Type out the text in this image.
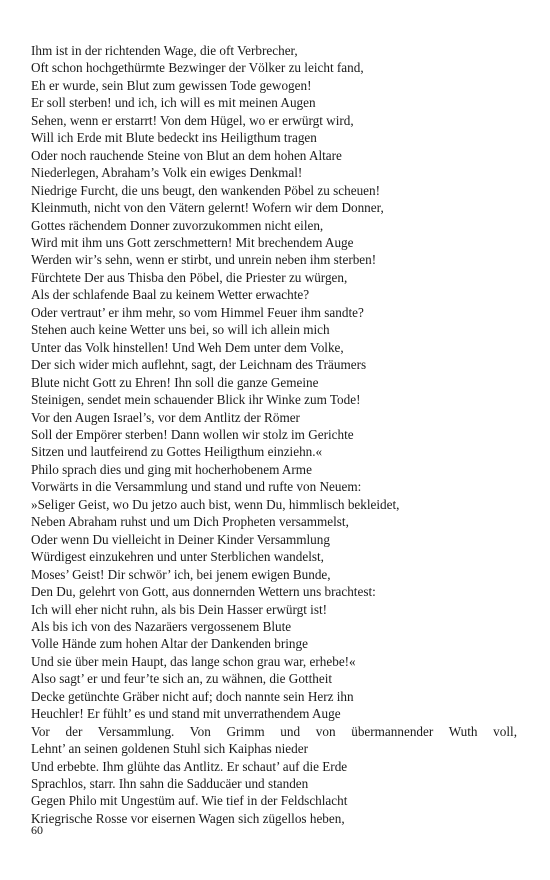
Ihm ist in der richtenden Wage, die oft Verbrecher,
Oft schon hochgethürmte Bezwinger der Völker zu leicht fand,
Eh er wurde, sein Blut zum gewissen Tode gewogen!
Er soll sterben! und ich, ich will es mit meinen Augen
Sehen, wenn er erstarrt! Von dem Hügel, wo er erwürgt wird,
Will ich Erde mit Blute bedeckt ins Heiligthum tragen
Oder noch rauchende Steine von Blut an dem hohen Altare
Niederlegen, Abraham’s Volk ein ewiges Denkmal!
Niedrige Furcht, die uns beugt, den wankenden Pöbel zu scheuen!
Kleinmuth, nicht von den Vätern gelernt! Wofern wir dem Donner,
Gottes rächendem Donner zuvorzukommen nicht eilen,
Wird mit ihm uns Gott zerschmettern! Mit brechendem Auge
Werden wir’s sehn, wenn er stirbt, und unrein neben ihm sterben!
Fürchtete Der aus Thisba den Pöbel, die Priester zu würgen,
Als der schlafende Baal zu keinem Wetter erwachte?
Oder vertraut’ er ihm mehr, so vom Himmel Feuer ihm sandte?
Stehen auch keine Wetter uns bei, so will ich allein mich
Unter das Volk hinstellen! Und Weh Dem unter dem Volke,
Der sich wider mich auflehnt, sagt, der Leichnam des Träumers
Blute nicht Gott zu Ehren! Ihn soll die ganze Gemeine
Steinigen, sendet mein schauender Blick ihr Winke zum Tode!
Vor den Augen Israel’s, vor dem Antlitz der Römer
Soll der Empörer sterben! Dann wollen wir stolz im Gerichte
Sitzen und lautfeirend zu Gottes Heiligthum einziehn.«
Philo sprach dies und ging mit hocherhobenem Arme
Vorwärts in die Versammlung und stand und rufte von Neuem:
»Seliger Geist, wo Du jetzo auch bist, wenn Du, himmlisch bekleidet,
Neben Abraham ruhst und um Dich Propheten versammelst,
Oder wenn Du vielleicht in Deiner Kinder Versammlung
Würdigest einzukehren und unter Sterblichen wandelst,
Moses’ Geist! Dir schwör’ ich, bei jenem ewigen Bunde,
Den Du, gelehrt von Gott, aus donnernden Wettern uns brachtest:
Ich will eher nicht ruhn, als bis Dein Hasser erwürgt ist!
Als bis ich von des Nazaräers vergossenem Blute
Volle Hände zum hohen Altar der Dankenden bringe
Und sie über mein Haupt, das lange schon grau war, erhebe!«
Also sagt’ er und feur’te sich an, zu wähnen, die Gottheit
Decke getünchte Gräber nicht auf; doch nannte sein Herz ihn
Heuchler! Er fühlt’ es und stand mit unverrathendem Auge
Vor der Versammlung. Von Grimm und von übermannender Wuth voll,
Lehnt’ an seinen goldenen Stuhl sich Kaiphas nieder
Und erbebte. Ihm glühte das Antlitz. Er schaut’ auf die Erde
Sprachlos, starr. Ihn sahn die Sadducäer und standen
Gegen Philo mit Ungestüm auf. Wie tief in der Feldschlacht
Kriegrische Rosse vor eisernen Wagen sich zügellos heben,
60
